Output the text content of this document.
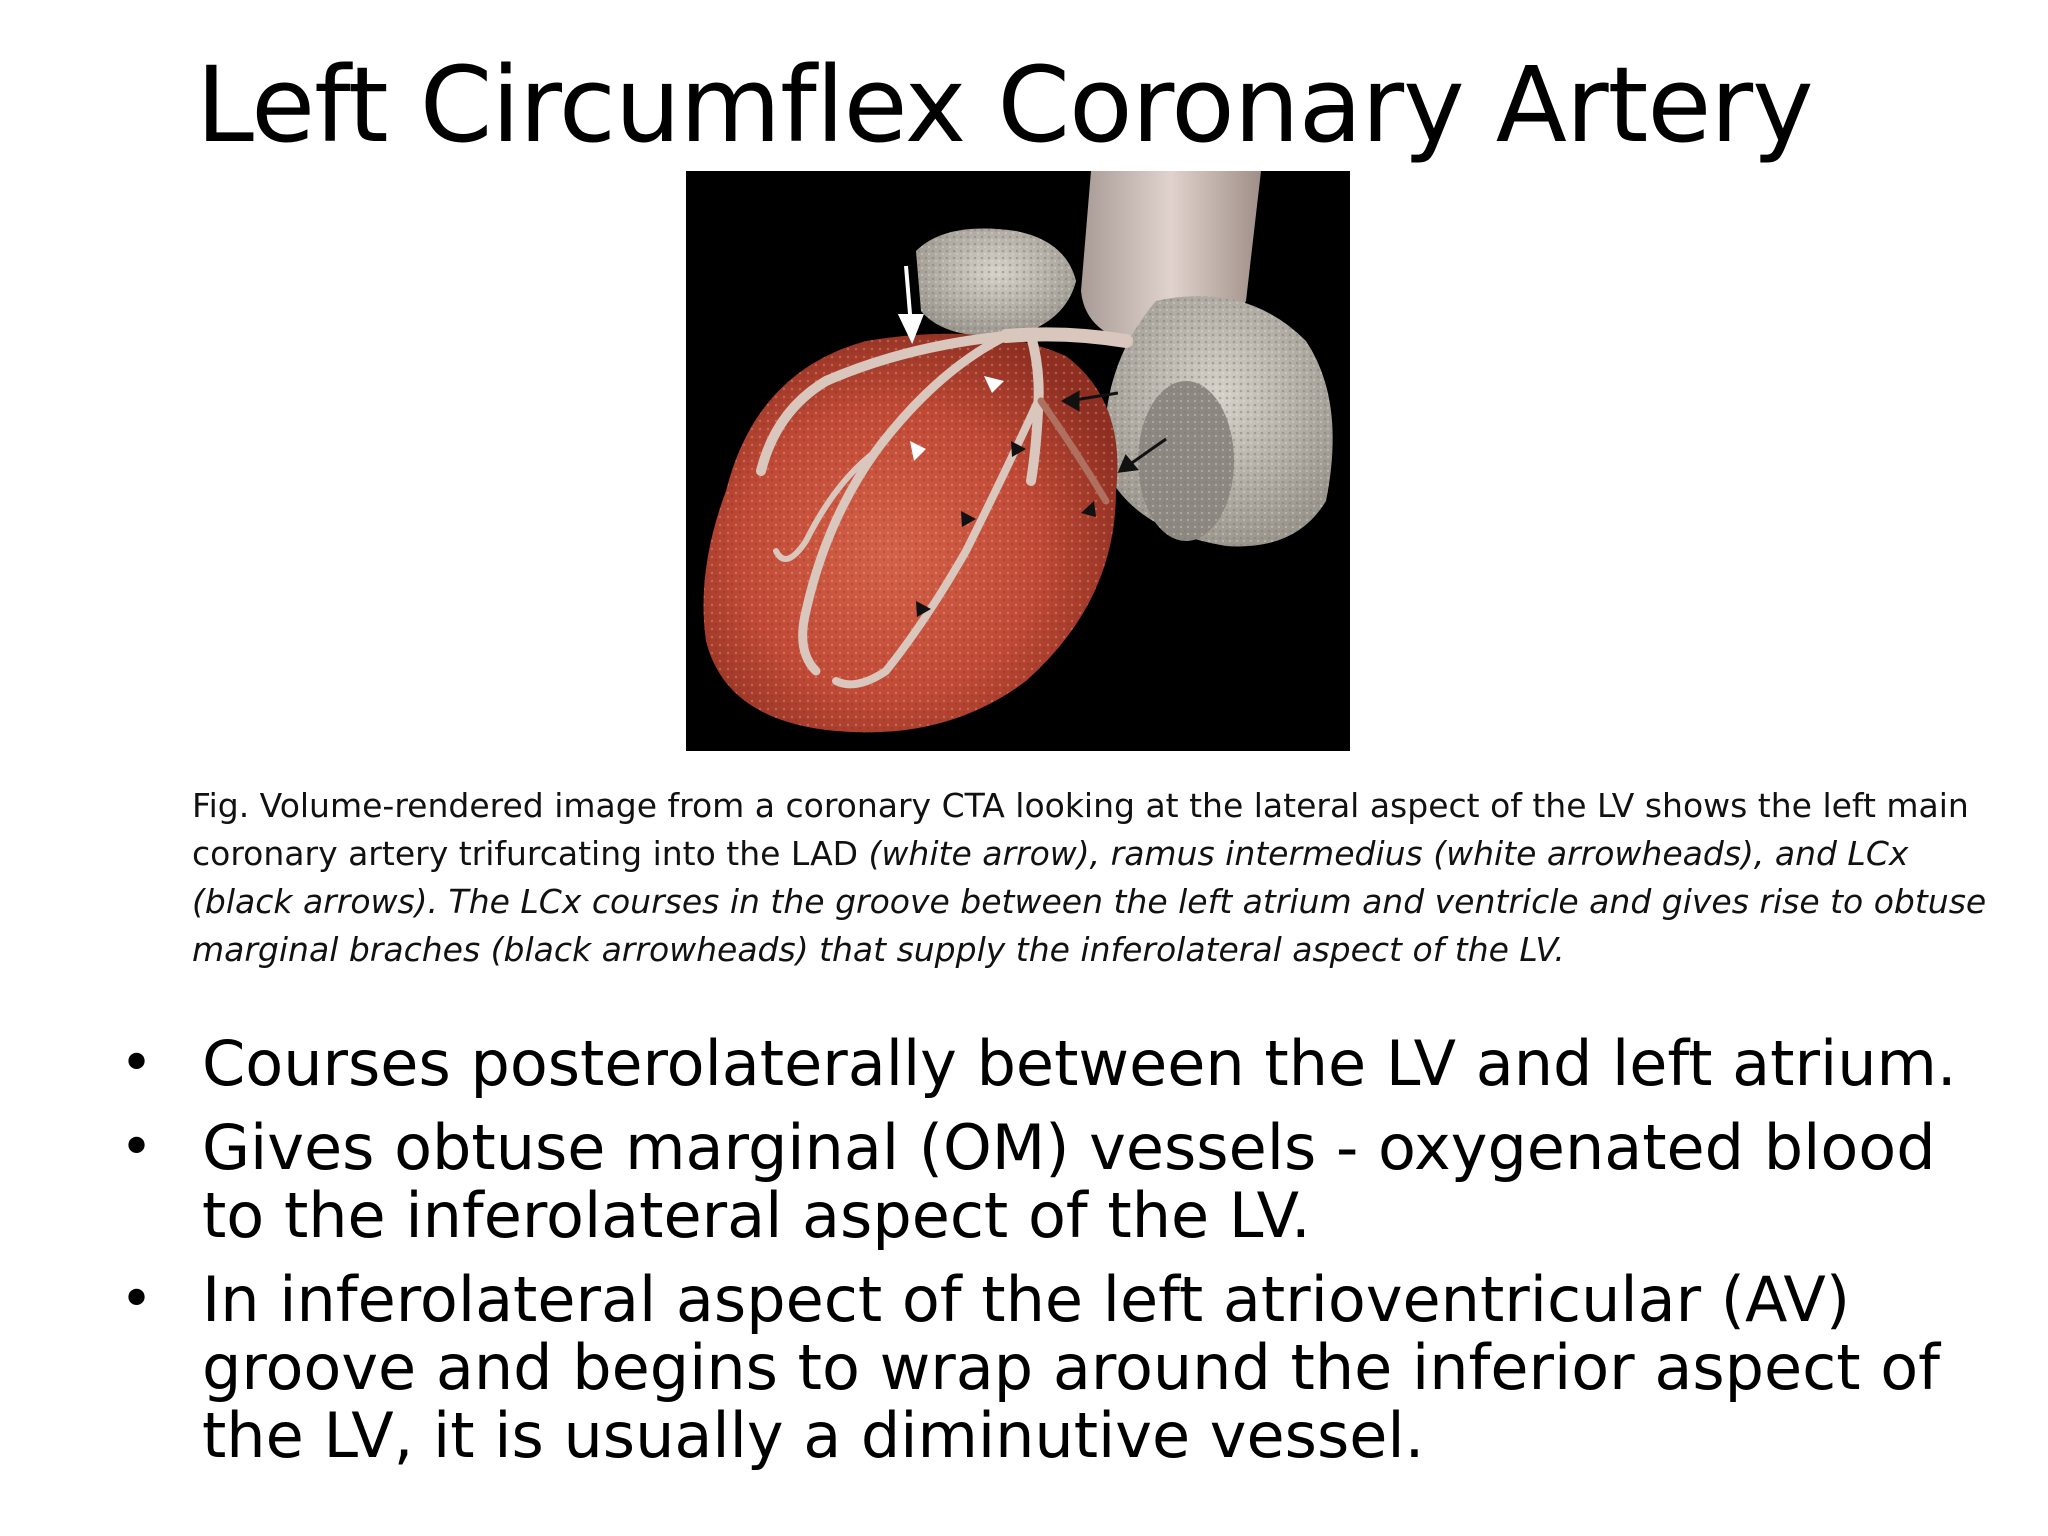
Left Circumflex Coronary Artery

Fig. Volume-rendered image from a coronary CTA looking at the lateral aspect of the LV shows the left main coronary artery trifurcating into the LAD (white arrow), ramus intermedius (white arrowheads), and LCx (black arrows). The LCx courses in the groove between the left atrium and ventricle and gives rise to obtuse marginal braches (black arrowheads) that supply the inferolateral aspect of the LV.

• Courses posterolaterally between the LV and left atrium.
• Gives obtuse marginal (OM) vessels - oxygenated blood to the inferolateral aspect of the LV.
• In inferolateral aspect of the left atrioventricular (AV) groove and begins to wrap around the inferior aspect of the LV, it is usually a diminutive vessel.
